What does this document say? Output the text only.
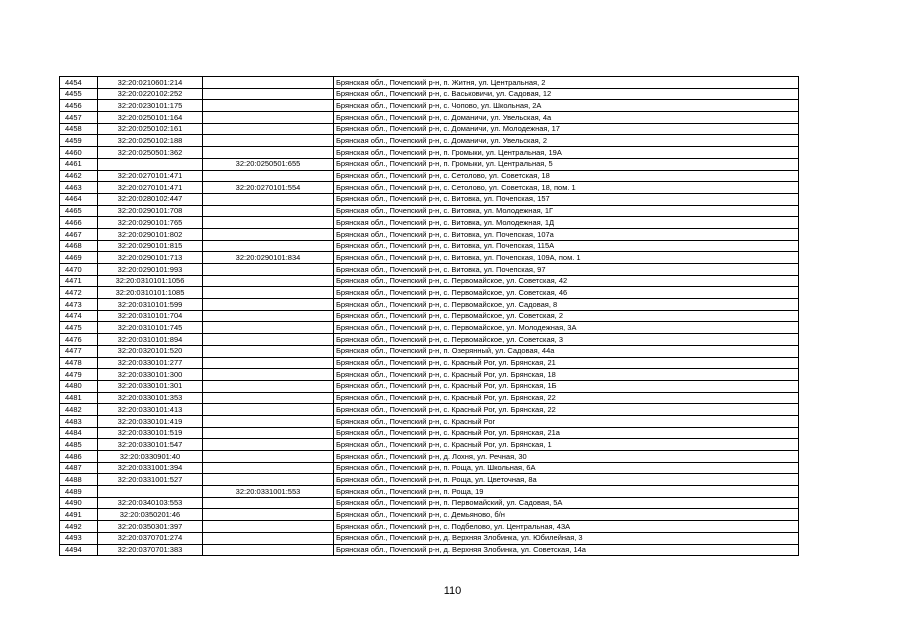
4454	32:20:0210601:214		Брянская обл., Почепский р-н, п. Житня, ул. Центральная, 2
4455	32:20:0220102:252		Брянская обл., Почепский р-н, с. Васьковичи, ул. Садовая, 12
4456	32:20:0230101:175		Брянская обл., Почепский р-н, с. Чопово, ул. Школьная, 2А
4457	32:20:0250101:164		Брянская обл., Почепский р-н, с. Доманичи, ул. Увельская, 4а
4458	32:20:0250102:161		Брянская обл., Почепский р-н, с. Доманичи, ул. Молодежная, 17
4459	32:20:0250102:188		Брянская обл., Почепский р-н, с. Доманичи, ул. Увельская, 2
4460	32:20:0250501:362		Брянская обл., Почепский р-н, п. Громыки, ул. Центральная, 19А
4461		32:20:0250501:655	Брянская обл., Почепский р-н, п. Громыки, ул. Центральная, 5
4462	32:20:0270101:471		Брянская обл., Почепский р-н, с. Сетолово, ул. Советская, 18
4463	32:20:0270101:471	32:20:0270101:554	Брянская обл., Почепский р-н, с. Сетолово, ул. Советская, 18, пом. 1
4464	32:20:0280102:447		Брянская обл., Почепский р-н, с. Витовка, ул. Почепская, 157
4465	32:20:0290101:708		Брянская обл., Почепский р-н, с. Витовка, ул. Молодежная, 1Г
4466	32:20:0290101:765		Брянская обл., Почепский р-н, с. Витовка, ул. Молодежная, 1Д
4467	32:20:0290101:802		Брянская обл., Почепский р-н, с. Витовка, ул. Почепская, 107а
4468	32:20:0290101:815		Брянская обл., Почепский р-н, с. Витовка, ул. Почепская, 115А
4469	32:20:0290101:713	32:20:0290101:834	Брянская обл., Почепский р-н, с. Витовка, ул. Почепская, 109А, пом. 1
4470	32:20:0290101:993		Брянская обл., Почепский р-н, с. Витовка, ул. Почепская, 97
4471	32:20:0310101:1056		Брянская обл., Почепский р-н, с. Первомайское, ул. Советская, 42
4472	32:20:0310101:1085		Брянская обл., Почепский р-н, с. Первомайское, ул. Советская, 46
4473	32:20:0310101:599		Брянская обл., Почепский р-н, с. Первомайское, ул. Садовая, 8
4474	32:20:0310101:704		Брянская обл., Почепский р-н, с. Первомайское, ул. Советская, 2
4475	32:20:0310101:745		Брянская обл., Почепский р-н, с. Первомайское, ул. Молодежная, 3А
4476	32:20:0310101:894		Брянская обл., Почепский р-н, с. Первомайское, ул. Советская, 3
4477	32:20:0320101:520		Брянская обл., Почепский р-н, п. Озерянный, ул. Садовая, 44а
4478	32:20:0330101:277		Брянская обл., Почепский р-н, с. Красный Рог, ул. Брянская, 21
4479	32:20:0330101:300		Брянская обл., Почепский р-н, с. Красный Рог, ул. Брянская, 18
4480	32:20:0330101:301		Брянская обл., Почепский р-н, с. Красный Рог, ул. Брянская, 1Б
4481	32:20:0330101:353		Брянская обл., Почепский р-н, с. Красный Рог, ул. Брянская, 22
4482	32:20:0330101:413		Брянская обл., Почепский р-н, с. Красный Рог, ул. Брянская, 22
4483	32:20:0330101:419		Брянская обл., Почепский р-н, с. Красный Рог
4484	32:20:0330101:519		Брянская обл., Почепский р-н, с. Красный Рог, ул. Брянская, 21а
4485	32:20:0330101:547		Брянская обл., Почепский р-н, с. Красный Рог, ул. Брянская, 1
4486	32:20:0330901:40		Брянская обл., Почепский р-н, д. Лохня, ул. Речная, 30
4487	32:20:0331001:394		Брянская обл., Почепский р-н, п. Роща, ул. Школьная, 6А
4488	32:20:0331001:527		Брянская обл., Почепский р-н, п. Роща, ул. Цветочная, 8а
4489		32:20:0331001:553	Брянская обл., Почепский р-н, п. Роща, 19
4490	32:20:0340103:553		Брянская обл., Почепский р-н, п. Первомайский, ул. Садовая, 5А
4491	32:20:0350201:46		Брянская обл., Почепский р-н, с. Демьяново, б/н
4492	32:20:0350301:397		Брянская обл., Почепский р-н, с. Подбелово, ул. Центральная, 43А
4493	32:20:0370701:274		Брянская обл., Почепский р-н, д. Верхняя Злобинка, ул. Юбилейная, 3
4494	32:20:0370701:383		Брянская обл., Почепский р-н, д. Верхняя Злобинка, ул. Советская, 14а
110
